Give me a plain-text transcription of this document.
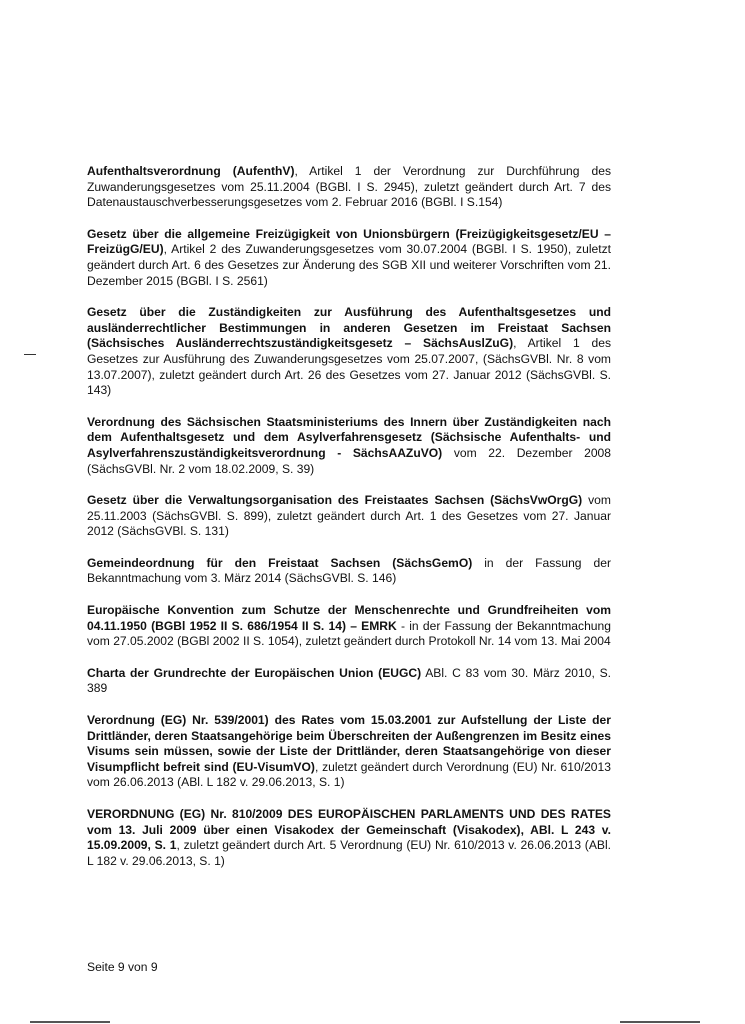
Aufenthaltsverordnung (AufenthV), Artikel 1 der Verordnung zur Durchführung des Zuwanderungsgesetzes vom 25.11.2004 (BGBl. I S. 2945), zuletzt geändert durch Art. 7 des Datenaustauschverbesserungsgesetzes vom 2. Februar 2016 (BGBl. I S.154)

Gesetz über die allgemeine Freizügigkeit von Unionsbürgern (Freizügigkeitsgesetz/EU – FreizügG/EU), Artikel 2 des Zuwanderungsgesetzes vom 30.07.2004 (BGBl. I S. 1950), zuletzt geändert durch Art. 6 des Gesetzes zur Änderung des SGB XII und weiterer Vorschriften vom 21. Dezember 2015 (BGBl. I S. 2561)

Gesetz über die Zuständigkeiten zur Ausführung des Aufenthaltsgesetzes und ausländerrechtlicher Bestimmungen in anderen Gesetzen im Freistaat Sachsen (Sächsisches Ausländerrechtszuständigkeitsgesetz – SächsAuslZuG), Artikel 1 des Gesetzes zur Ausführung des Zuwanderungsgesetzes vom 25.07.2007, (SächsGVBl. Nr. 8 vom 13.07.2007), zuletzt geändert durch Art. 26 des Gesetzes vom 27. Januar 2012 (SächsGVBl. S. 143)

Verordnung des Sächsischen Staatsministeriums des Innern über Zuständigkeiten nach dem Aufenthaltsgesetz und dem Asylverfahrensgesetz (Sächsische Aufenthalts- und Asylverfahrenszuständigkeitsverordnung - SächsAAZuVO) vom 22. Dezember 2008 (SächsGVBl. Nr. 2 vom 18.02.2009, S. 39)

Gesetz über die Verwaltungsorganisation des Freistaates Sachsen (SächsVwOrgG) vom 25.11.2003 (SächsGVBl. S. 899), zuletzt geändert durch Art. 1 des Gesetzes vom 27. Januar 2012 (SächsGVBl. S. 131)

Gemeindeordnung für den Freistaat Sachsen (SächsGemO) in der Fassung der Bekanntmachung vom 3. März 2014 (SächsGVBl. S. 146)

Europäische Konvention zum Schutze der Menschenrechte und Grundfreiheiten vom 04.11.1950 (BGBl 1952 II S. 686/1954 II S. 14) – EMRK - in der Fassung der Bekanntmachung vom 27.05.2002 (BGBl 2002 II S. 1054), zuletzt geändert durch Protokoll Nr. 14 vom 13. Mai 2004

Charta der Grundrechte der Europäischen Union (EUGC) ABl. C 83 vom 30. März 2010, S. 389

Verordnung (EG) Nr. 539/2001) des Rates vom 15.03.2001 zur Aufstellung der Liste der Drittländer, deren Staatsangehörige beim Überschreiten der Außengrenzen im Besitz eines Visums sein müssen, sowie der Liste der Drittländer, deren Staatsangehörige von dieser Visumpflicht befreit sind (EU-VisumVO), zuletzt geändert durch Verordnung (EU) Nr. 610/2013 vom 26.06.2013 (ABl. L 182 v. 29.06.2013, S. 1)

VERORDNUNG (EG) Nr. 810/2009 DES EUROPÄISCHEN PARLAMENTS UND DES RATES vom 13. Juli 2009 über einen Visakodex der Gemeinschaft (Visakodex), ABl. L 243 v. 15.09.2009, S. 1, zuletzt geändert durch Art. 5 Verordnung (EU) Nr. 610/2013 v. 26.06.2013 (ABl. L 182 v. 29.06.2013, S. 1)

Seite 9 von 9
